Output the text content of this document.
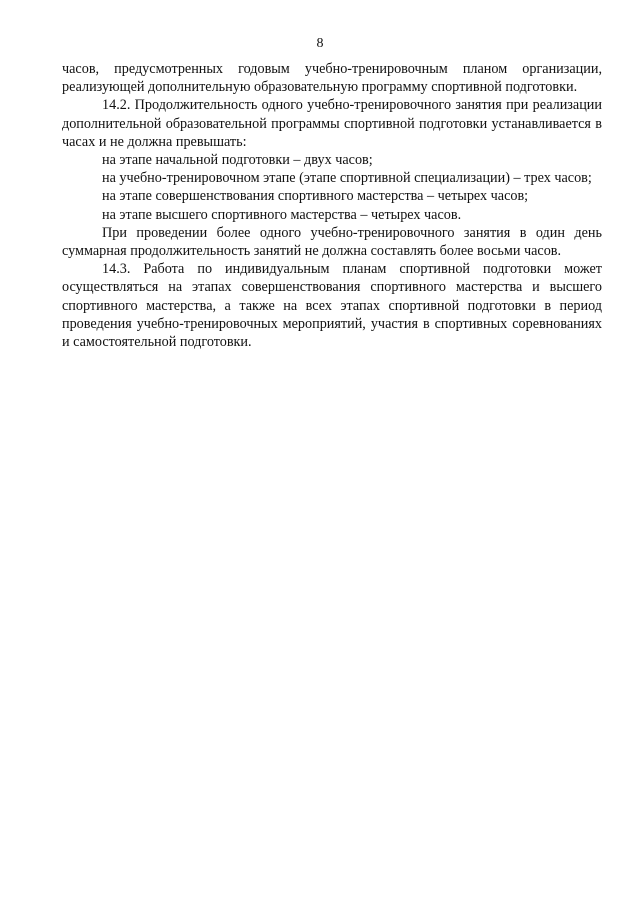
8

часов, предусмотренных годовым учебно-тренировочным планом организации, реализующей дополнительную образовательную программу спортивной подготовки.

14.2. Продолжительность одного учебно-тренировочного занятия при реализации дополнительной образовательной программы спортивной подготовки устанавливается в часах и не должна превышать:

на этапе начальной подготовки – двух часов;

на учебно-тренировочном этапе (этапе спортивной специализации) – трех часов;

на этапе совершенствования спортивного мастерства – четырех часов;

на этапе высшего спортивного мастерства – четырех часов.

При проведении более одного учебно-тренировочного занятия в один день суммарная продолжительность занятий не должна составлять более восьми часов.

14.3. Работа по индивидуальным планам спортивной подготовки может осуществляться на этапах совершенствования спортивного мастерства и высшего спортивного мастерства, а также на всех этапах спортивной подготовки в период проведения учебно-тренировочных мероприятий, участия в спортивных соревнованиях и самостоятельной подготовки.
